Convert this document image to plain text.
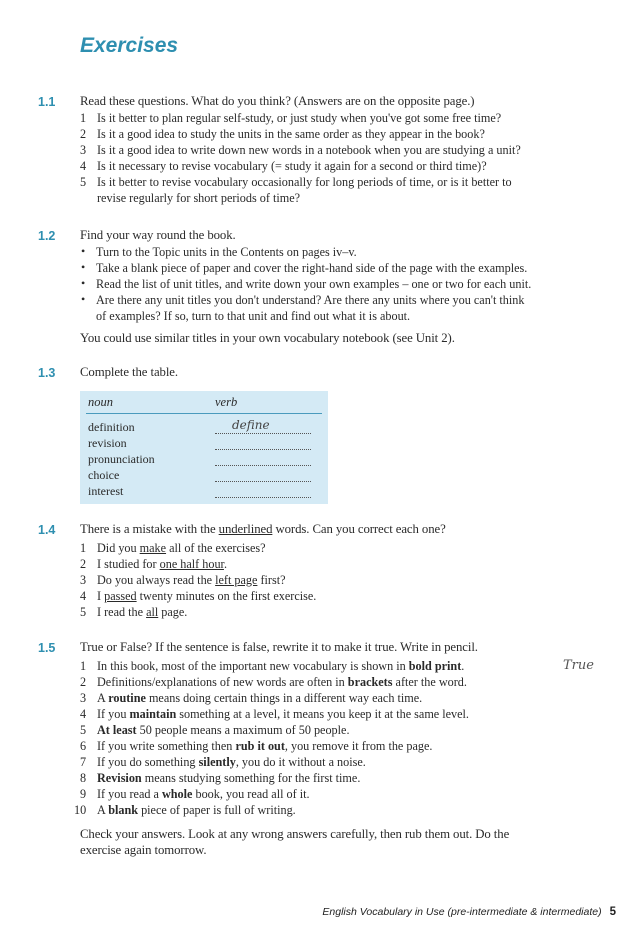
Exercises
1.1 Read these questions. What do you think? (Answers are on the opposite page.)
1 Is it better to plan regular self-study, or just study when you've got some free time?
2 Is it a good idea to study the units in the same order as they appear in the book?
3 Is it a good idea to write down new words in a notebook when you are studying a unit?
4 Is it necessary to revise vocabulary (= study it again for a second or third time)?
5 Is it better to revise vocabulary occasionally for long periods of time, or is it better to
revise regularly for short periods of time?
1.2 Find your way round the book.
• Turn to the Topic units in the Contents on pages iv–v.
• Take a blank piece of paper and cover the right-hand side of the page with the examples.
• Read the list of unit titles, and write down your own examples – one or two for each unit.
• Are there any unit titles you don't understand? Are there any units where you can't think
of examples? If so, turn to that unit and find out what it is about.
You could use similar titles in your own vocabulary notebook (see Unit 2).
1.3 Complete the table.
noun	verb
definition	define
revision
pronunciation
choice
interest
1.4 There is a mistake with the underlined words. Can you correct each one?
1 Did you make all of the exercises?
2 I studied for one half hour.
3 Do you always read the left page first?
4 I passed twenty minutes on the first exercise.
5 I read the all page.
1.5 True or False? If the sentence is false, rewrite it to make it true. Write in pencil.
True
1 In this book, most of the important new vocabulary is shown in bold print.
2 Definitions/explanations of new words are often in brackets after the word.
3 A routine means doing certain things in a different way each time.
4 If you maintain something at a level, it means you keep it at the same level.
5 At least 50 people means a maximum of 50 people.
6 If you write something then rub it out, you remove it from the page.
7 If you do something silently, you do it without a noise.
8 Revision means studying something for the first time.
9 If you read a whole book, you read all of it.
10 A blank piece of paper is full of writing.
Check your answers. Look at any wrong answers carefully, then rub them out. Do the
exercise again tomorrow.
English Vocabulary in Use (pre-intermediate & intermediate) 5
